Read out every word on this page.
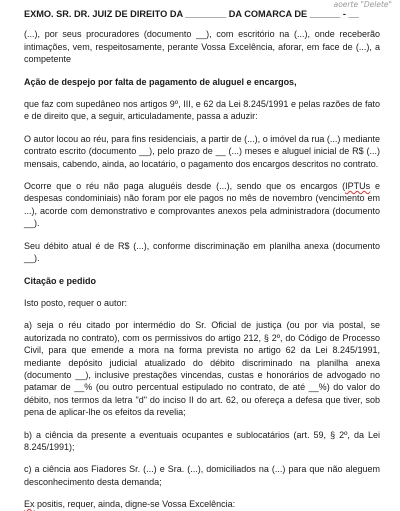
aoerte "Delete"

EXMO. SR. DR. JUIZ DE DIREITO DA ________ DA COMARCA DE ______ - __

(...), por seus procuradores (documento __), com escritório na (...), onde receberão intimações, vem, respeitosamente, perante Vossa Excelência, aforar, em face de (...), a competente

Ação de despejo por falta de pagamento de aluguel e encargos,

que faz com supedâneo nos artigos 9º, III, e 62 da Lei 8.245/1991 e pelas razões de fato e de direito que, a seguir, articuladamente, passa a aduzir:

O autor locou ao réu, para fins residenciais, a partir de (...), o imóvel da rua (...) mediante contrato escrito (documento __), pelo prazo de __ (...) meses e aluguel inicial de R$ (...) mensais, cabendo, ainda, ao locatário, o pagamento dos encargos descritos no contrato.

Ocorre que o réu não paga aluguéis desde (...), sendo que os encargos (IPTUs e despesas condominiais) não foram por ele pagos no mês de novembro (vencimento em ...), acorde com demonstrativo e comprovantes anexos pela administradora (documento __).

Seu débito atual é de R$ (...), conforme discriminação em planilha anexa (documento __).

Citação e pedido

Isto posto, requer o autor:

a) seja o réu citado por intermédio do Sr. Oficial de justiça (ou por via postal, se autorizada no contrato), com os permissivos do artigo 212, § 2º, do Código de Processo Civil, para que emende a mora na forma prevista no artigo 62 da Lei 8.245/1991, mediante depósito judicial atualizado do débito discriminado na planilha anexa (documento __), inclusive prestações vincendas, custas e honorários de advogado no patamar de __% (ou outro percentual estipulado no contrato, de até __%) do valor do débito, nos termos da letra "d" do inciso II do art. 62, ou ofereça a defesa que tiver, sob pena de aplicar-lhe os efeitos da revelia;

b) a ciência da presente a eventuais ocupantes e sublocatários (art. 59, § 2º, da Lei 8.245/1991);

c) a ciência aos Fiadores Sr. (...) e Sra. (...), domiciliados na (...) para que não aleguem desconhecimento desta demanda;

Ex positis, requer, ainda, digne-se Vossa Excelência:
